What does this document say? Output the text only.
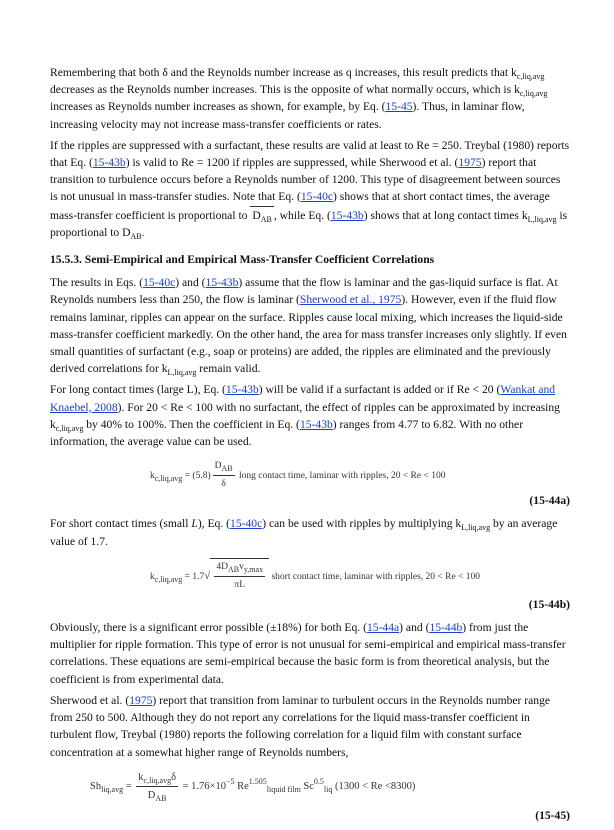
Remembering that both δ and the Reynolds number increase as q increases, this result predicts that $k_{c,liq,avg}$ decreases as the Reynolds number increases. This is the opposite of what normally occurs, which is $k_{c,liq,avg}$ increases as Reynolds number increases as shown, for example, by Eq. (15-45). Thus, in laminar flow, increasing velocity may not increase mass-transfer coefficients or rates.

If the ripples are suppressed with a surfactant, these results are valid at least to Re = 250. Treybal (1980) reports that Eq. (15-43b) is valid to Re = 1200 if ripples are suppressed, while Sherwood et al. (1975) report that transition to turbulence occurs before a Reynolds number of 1200. This type of disagreement between sources is not unusual in mass-transfer studies. Note that Eq. (15-40c) shows that at short contact times, the average mass-transfer coefficient is proportional to $D_{AB}$ , while Eq. (15-43b) shows that at long contact times $k_{L,liq,avg}$ is proportional to $D_{AB}$.

15.5.3. Semi-Empirical and Empirical Mass-Transfer Coefficient Correlations

The results in Eqs. (15-40c) and (15-43b) assume that the flow is laminar and the gas-liquid surface is flat. At Reynolds numbers less than 250, the flow is laminar (Sherwood et al., 1975). However, even if the fluid flow remains laminar, ripples can appear on the surface. Ripples cause local mixing, which increases the liquid-side mass-transfer coefficient markedly. On the other hand, the area for mass transfer increases only slightly. If even small quantities of surfactant (e.g., soap or proteins) are added, the ripples are eliminated and the previously derived correlations for $k_{L,liq,avg}$ remain valid.

For long contact times (large L), Eq. (15-43b) will be valid if a surfactant is added or if Re < 20 (Wankat and Knaebel, 2008). For 20 < Re < 100 with no surfactant, the effect of ripples can be approximated by increasing $k_{c,liq,avg}$ by 40% to 100%. Then the coefficient in Eq. (15-43b) ranges from 4.77 to 6.82. With no other information, the average value can be used.

$k_{c,liq,avg} = (5.8) \frac{D_{AB}}{\delta}$ long contact time, laminar with ripples, 20 < Re < 100
(15-44a)

For short contact times (small L), Eq. (15-40c) can be used with ripples by multiplying $k_{L,liq,avg}$ by an average value of 1.7.

$k_{c,liq,avg} = 1.7√ \frac{4D_{AB}v_{y,max}}{\pi L}$ short contact time, laminar with ripples, 20 < Re < 100
(15-44b)

Obviously, there is a significant error possible (±18%) for both Eq. (15-44a) and (15-44b) from just the multiplier for ripple formation. This type of error is not unusual for semi-empirical and empirical mass-transfer correlations. These equations are semi-empirical because the basic form is from theoretical analysis, but the coefficient is from experimental data.

Sherwood et al. (1975) report that transition from laminar to turbulent occurs in the Reynolds number range from 250 to 500. Although they do not report any correlations for the liquid mass-transfer coefficient in turbulent flow, Treybal (1980) reports the following correlation for a liquid film with constant surface concentration at a somewhat higher range of Reynolds numbers,

$Sh_{liq,avg} = \frac{k_{c,liq,avg}\delta}{D_{AB}} = 1.76\times 10^{-5}$ $Re^{1.505}_{liquid film}$ $Sc^{0.5}_{liq}$ (1300 < Re <8300)
(15-45)
